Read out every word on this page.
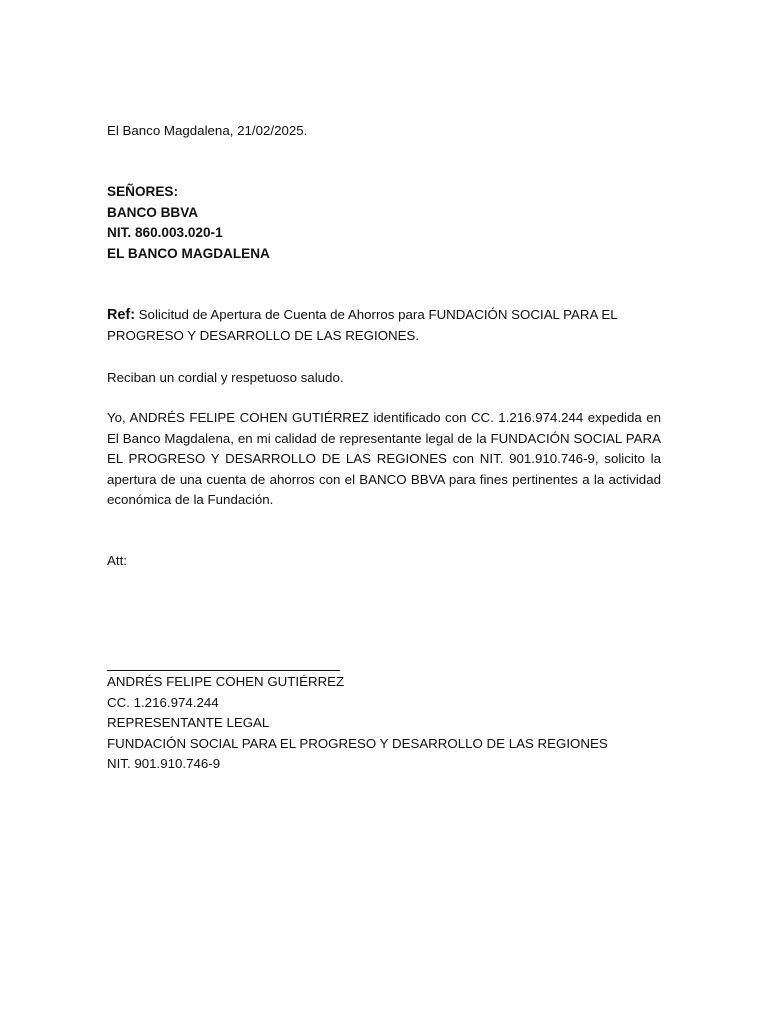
El Banco Magdalena, 21/02/2025.
SEÑORES:
BANCO BBVA
NIT. 860.003.020-1
EL BANCO MAGDALENA
Ref: Solicitud de Apertura de Cuenta de Ahorros para FUNDACIÓN SOCIAL PARA EL PROGRESO Y DESARROLLO DE LAS REGIONES.
Reciban un cordial y respetuoso saludo.
Yo, ANDRÉS FELIPE COHEN GUTIÉRREZ identificado con CC. 1.216.974.244 expedida en El Banco Magdalena, en mi calidad de representante legal de la FUNDACIÓN SOCIAL PARA EL PROGRESO Y DESARROLLO DE LAS REGIONES con NIT. 901.910.746-9, solicito la apertura de una cuenta de ahorros con el BANCO BBVA para fines pertinentes a la actividad económica de la Fundación.
Att:
ANDRÉS FELIPE COHEN GUTIÉRREZ
CC. 1.216.974.244
REPRESENTANTE LEGAL
FUNDACIÓN SOCIAL PARA EL PROGRESO Y DESARROLLO DE LAS REGIONES
NIT. 901.910.746-9
